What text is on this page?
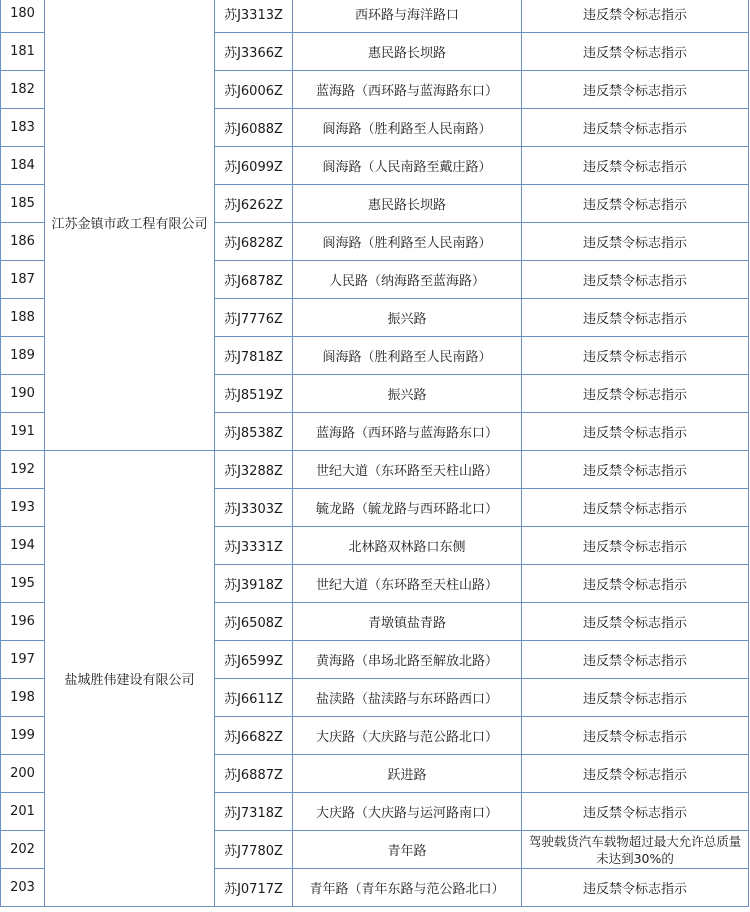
180	江苏金镇市政工程有限公司	苏J3313Z	西环路与海洋路口	违反禁令标志指示
181		苏J3366Z	惠民路长坝路	违反禁令标志指示
182		苏J6006Z	蓝海路（西环路与蓝海路东口）	违反禁令标志指示
183		苏J6088Z	阆海路（胜利路至人民南路）	违反禁令标志指示
184		苏J6099Z	阆海路（人民南路至戴庄路）	违反禁令标志指示
185		苏J6262Z	惠民路长坝路	违反禁令标志指示
186		苏J6828Z	阆海路（胜利路至人民南路）	违反禁令标志指示
187		苏J6878Z	人民路（纳海路至蓝海路）	违反禁令标志指示
188		苏J7776Z	振兴路	违反禁令标志指示
189		苏J7818Z	阆海路（胜利路至人民南路）	违反禁令标志指示
190		苏J8519Z	振兴路	违反禁令标志指示
191		苏J8538Z	蓝海路（西环路与蓝海路东口）	违反禁令标志指示
192	盐城胜伟建设有限公司	苏J3288Z	世纪大道（东环路至天柱山路）	违反禁令标志指示
193		苏J3303Z	毓龙路（毓龙路与西环路北口）	违反禁令标志指示
194		苏J3331Z	北林路双林路口东侧	违反禁令标志指示
195		苏J3918Z	世纪大道（东环路至天柱山路）	违反禁令标志指示
196		苏J6508Z	青墩镇盐青路	违反禁令标志指示
197		苏J6599Z	黄海路（串场北路至解放北路）	违反禁令标志指示
198		苏J6611Z	盐渎路（盐渎路与东环路西口）	违反禁令标志指示
199		苏J6682Z	大庆路（大庆路与范公路北口）	违反禁令标志指示
200		苏J6887Z	跃进路	违反禁令标志指示
201		苏J7318Z	大庆路（大庆路与运河路南口）	违反禁令标志指示
202		苏J7780Z	青年路	驾驶载货汽车载物超过最大允许总质量未达到30%的
203		苏J0717Z	青年路（青年东路与范公路北口）	违反禁令标志指示
